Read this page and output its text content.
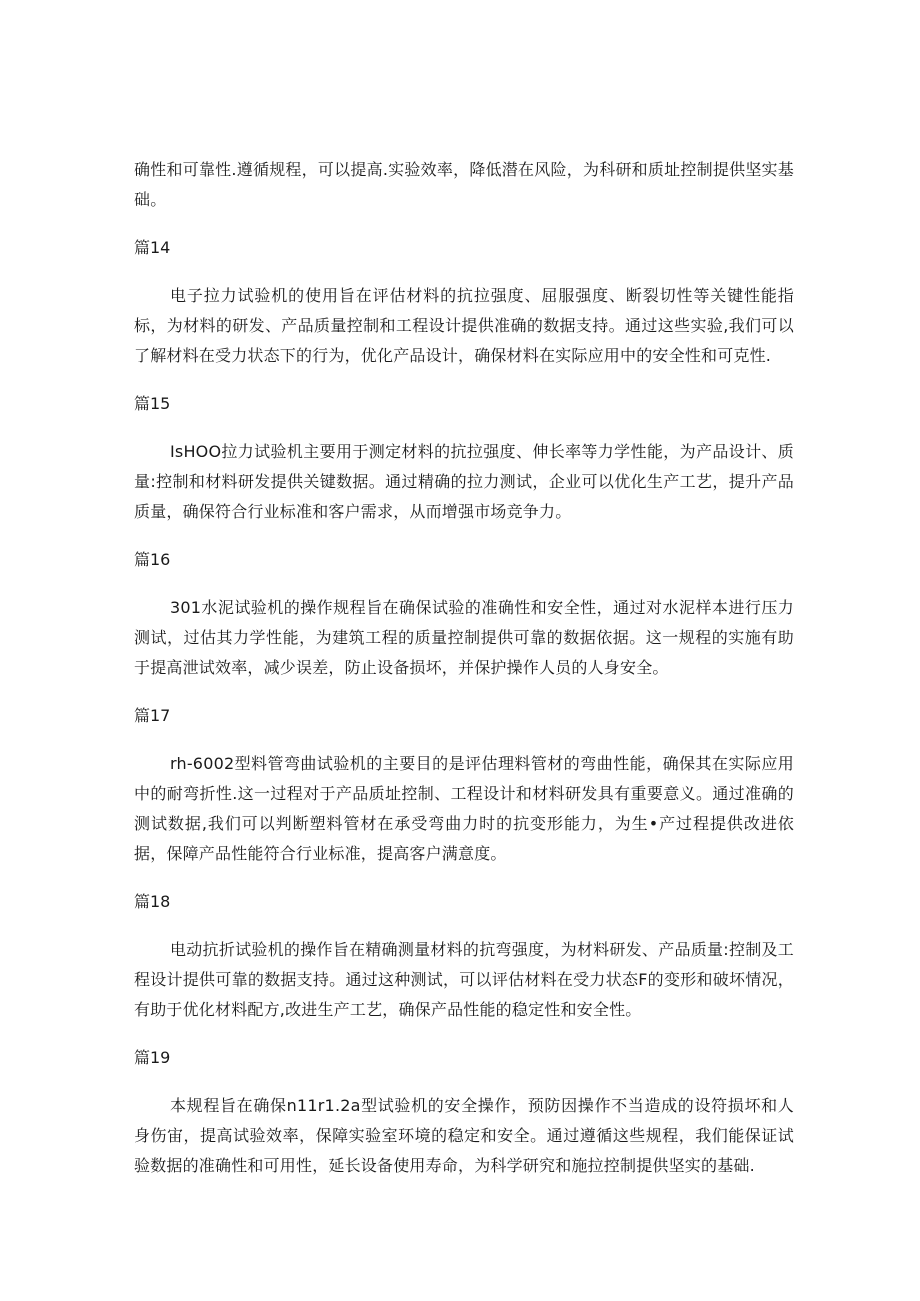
确性和可靠性.遵循规程，可以提高.实验效率，降低潜在风险，为科研和质址控制提供坚实基础。

篇14

电子拉力试验机的使用旨在评估材料的抗拉强度、屈服强度、断裂切性等关键性能指标，为材料的研发、产品质量控制和工程设计提供准确的数据支持。通过这些实验,我们可以了解材料在受力状态下的行为，优化产品设计，确保材料在实际应用中的安全性和可克性.

篇15

IsHOO拉力试验机主要用于测定材料的抗拉强度、伸长率等力学性能，为产品设计、质量:控制和材料研发提供关键数据。通过精确的拉力测试，企业可以优化生产工艺，提升产品质量，确保符合行业标准和客户需求，从而增强市场竞争力。

篇16

301水泥试验机的操作规程旨在确保试验的准确性和安全性，通过对水泥样本进行压力测试，过估其力学性能，为建筑工程的质量控制提供可靠的数据依据。这一规程的实施有助于提高泄试效率，减少误差，防止设备损坏，并保护操作人员的人身安全。

篇17

rh-6002型料管弯曲试验机的主要目的是评估理料管材的弯曲性能，确保其在实际应用中的耐弯折性.这一过程对于产品质址控制、工程设计和材料研发具有重要意义。通过准确的测试数据,我们可以判断塑料管材在承受弯曲力时的抗变形能力，为生•产过程提供改进依据，保障产品性能符合行业标准，提高客户满意度。

篇18

电动抗折试验机的操作旨在精确测量材料的抗弯强度，为材料研发、产品质量:控制及工程设计提供可靠的数据支持。通过这种测试，可以评估材料在受力状态F的变形和破坏情况，有助于优化材料配方,改进生产工艺，确保产品性能的稳定性和安全性。

篇19

本规程旨在确保n11r1.2a型试验机的安全操作，预防因操作不当造成的设符损坏和人身伤宙，提高试验效率，保障实验室环境的稳定和安全。通过遵循这些规程，我们能保证试验数据的准确性和可用性，延长设备使用寿命，为科学研究和施拉控制提供坚实的基础.
